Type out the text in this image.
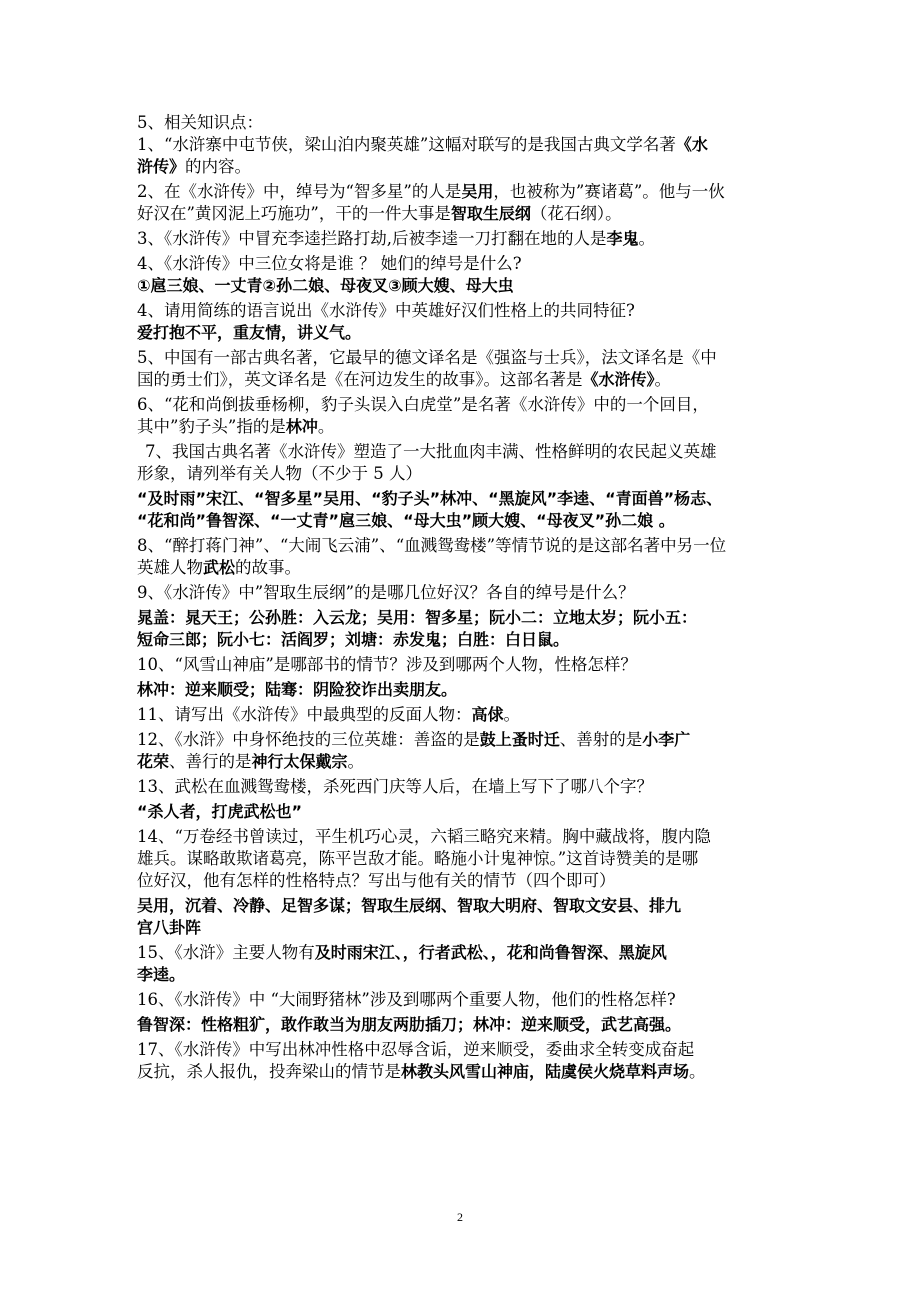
5、相关知识点：

1、“水浒寨中屯节侠，梁山泊内聚英雄”这幅对联写的是我国古典文学名著《水

浒传》的内容。

2、在《水浒传》中，绰号为“智多星”的人是吴用，也被称为”赛诸葛”。他与一伙

好汉在”黄冈泥上巧施功”，干的一件大事是智取生辰纲（花石纲）。

3、《水浒传》中冒充李逵拦路打劫,后被李逵一刀打翻在地的人是李鬼。

4、《水浒传》中三位女将是谁 ？ 她们的绰号是什么?

①扈三娘、一丈青②孙二娘、母夜叉③顾大嫂、母大虫

4、请用简练的语言说出《水浒传》中英雄好汉们性格上的共同特征?

爱打抱不平，重友情，讲义气。

5、中国有一部古典名著，它最早的德文译名是《强盗与士兵》，法文译名是《中

国的勇士们》，英文译名是《在河边发生的故事》。这部名著是《水浒传》。

6、“花和尚倒拔垂杨柳，豹子头误入白虎堂”是名著《水浒传》中的一个回目，

其中”豹子头”指的是林冲。

7、我国古典名著《水浒传》塑造了一大批血肉丰满、性格鲜明的农民起义英雄

形象，请列举有关人物（不少于 5 人）

“及时雨”宋江、“智多星”吴用、“豹子头”林冲、“黑旋风”李逵、“青面兽”杨志、

“花和尚”鲁智深、“一丈青”扈三娘、“母大虫”顾大嫂、“母夜叉”孙二娘 。

8、“醉打蒋门神”、“大闹飞云浦”、“血溅鸳鸯楼”等情节说的是这部名著中另一位

英雄人物武松的故事。

9、《水浒传》中”智取生辰纲”的是哪几位好汉？各自的绰号是什么？

晁盖：晁天王；公孙胜：入云龙；吴用：智多星；阮小二：立地太岁；阮小五：

短命三郎；阮小七：活阎罗；刘塘：赤发鬼；白胜：白日鼠。

10、“风雪山神庙”是哪部书的情节？涉及到哪两个人物，性格怎样？

林冲：逆来顺受；陆骞：阴险狡诈出卖朋友。

11、请写出《水浒传》中最典型的反面人物：高俅。

12、《水浒》中身怀绝技的三位英雄：善盗的是鼓上蚤时迁、善射的是小李广

花荣、善行的是神行太保戴宗。

13、武松在血溅鸳鸯楼，杀死西门庆等人后，在墙上写下了哪八个字？

“杀人者，打虎武松也”

14、“万卷经书曾读过，平生机巧心灵，六韬三略究来精。胸中藏战将，腹内隐

雄兵。谋略敢欺诸葛亮，陈平岂敌才能。略施小计鬼神惊。”这首诗赞美的是哪

位好汉，他有怎样的性格特点？写出与他有关的情节（四个即可）

吴用，沉着、冷静、足智多谋；智取生辰纲、智取大明府、智取文安县、排九

宫八卦阵

15、《水浒》主要人物有及时雨宋江、，行者武松、，花和尚鲁智深、黑旋风

李逵。

16、《水浒传》中 “大闹野猪林”涉及到哪两个重要人物，他们的性格怎样?

鲁智深：性格粗犷，敢作敢当为朋友两肋插刀；林冲：逆来顺受，武艺高强。

17、《水浒传》中写出林冲性格中忍辱含诟，逆来顺受，委曲求全转变成奋起

反抗，杀人报仇，投奔梁山的情节是林教头风雪山神庙，陆虞侯火烧草料声场。

2
